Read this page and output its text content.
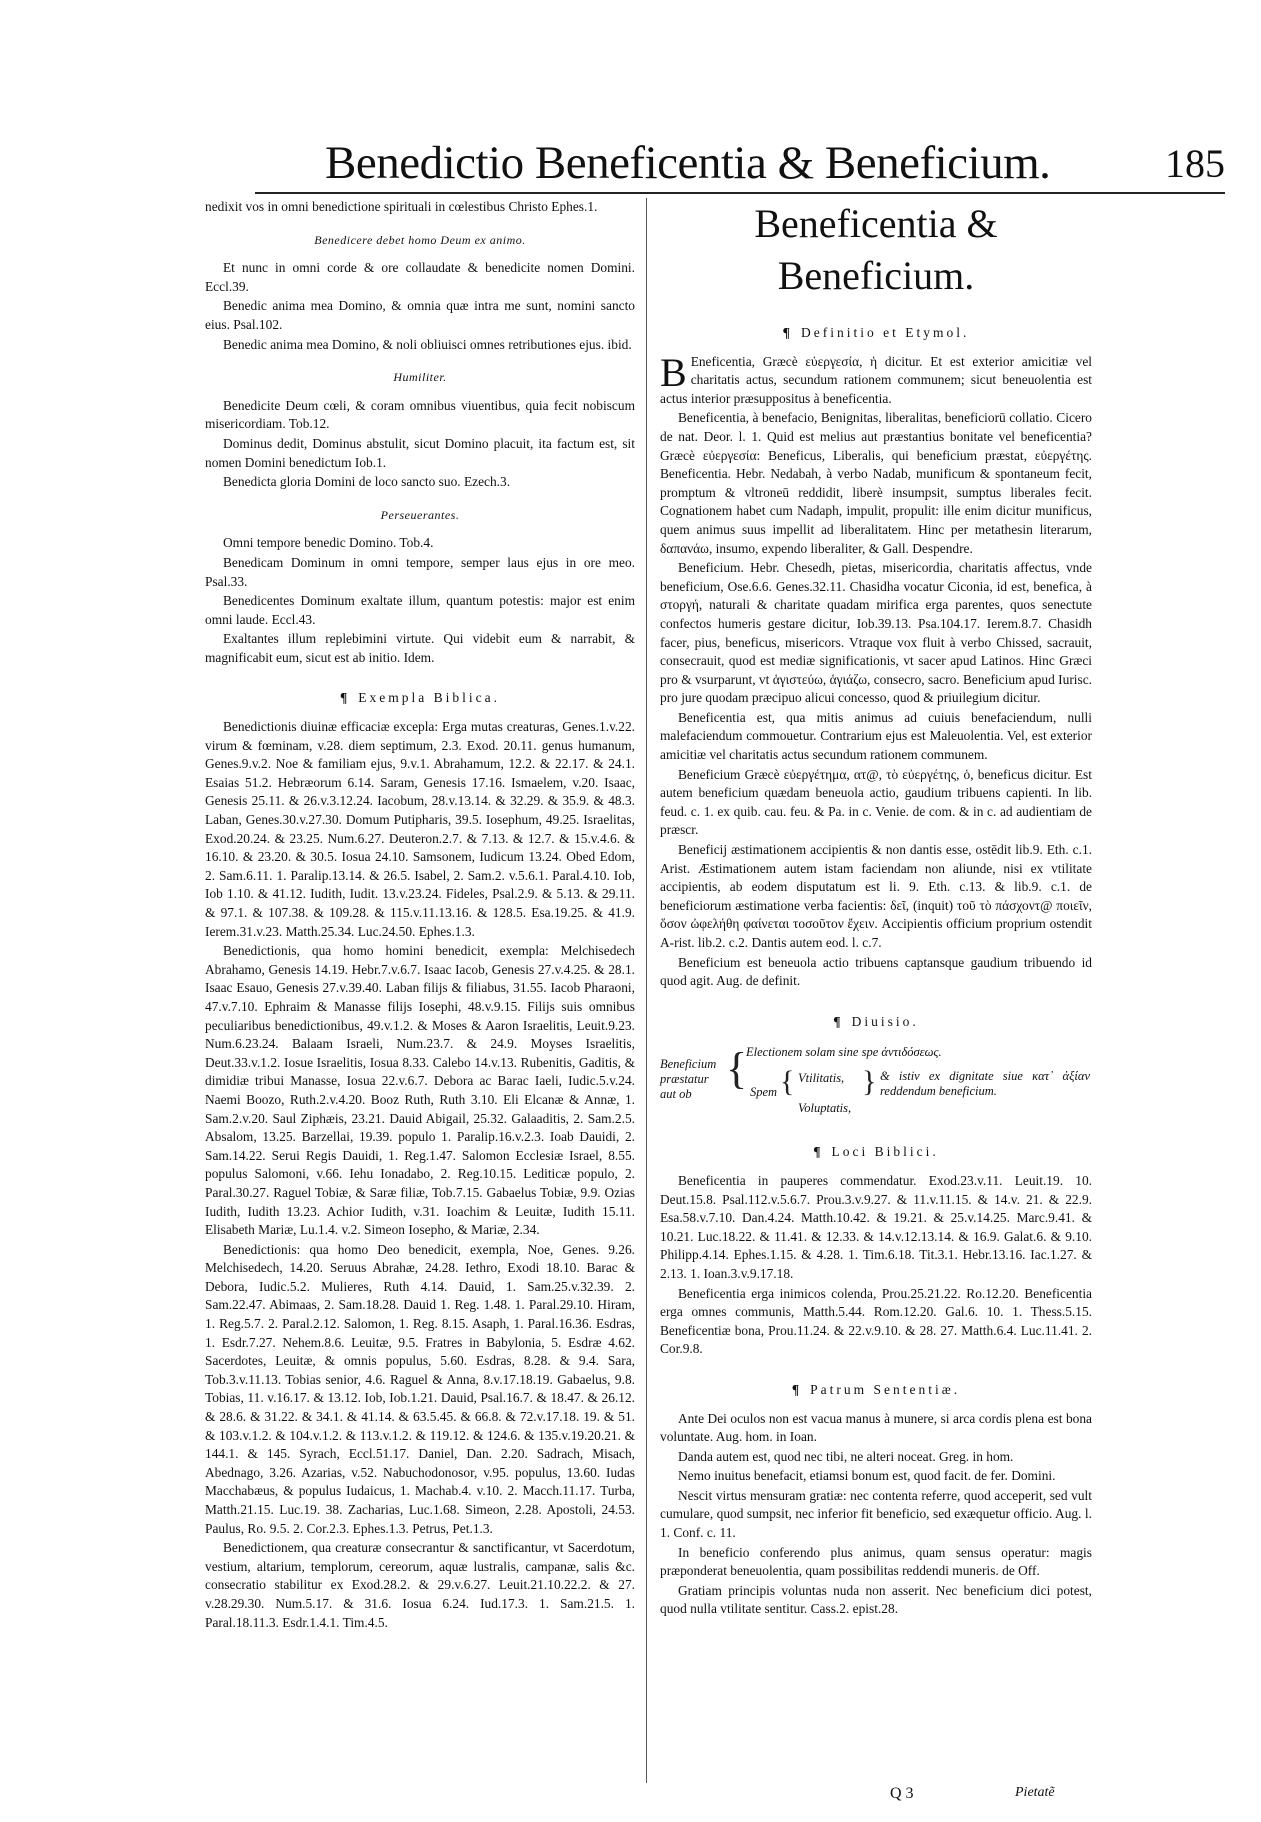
Benedictio Beneficentia & Beneficium.	185

nedixit vos in omni benedictione spirituali in cœlestibus Christo Ephes.1.

Benedicere debet homo Deum ex animo.

Et nunc in omni corde & ore collaudate & benedicite nomen Domini. Eccl.39.

Benedic anima mea Domino, & omnia quæ intra me sunt, nomini sancto eius. Psal.102.

Benedic anima mea Domino, & noli obliuisci omnes retributiones ejus. ibid.

Humiliter.

Benedicite Deum cœli, & coram omnibus viuentibus, quia fecit nobiscum misericordiam. Tob.12.

Dominus dedit, Dominus abstulit, sicut Domino placuit, ita factum est, sit nomen Domini benedictum Iob.1.

Benedicta gloria Domini de loco sancto suo. Ezech.3.

Perseuerantes.

Omni tempore benedic Domino. Tob.4.

Benedicam Dominum in omni tempore, semper laus ejus in ore meo. Psal.33.

Benedicentes Dominum exaltate illum, quantum potestis: major est enim omni laude. Eccl.43.

Exaltantes illum replebimini virtute. Qui videbit eum & narrabit, & magnificabit eum, sicut est ab initio. Idem.

¶ Exempla Biblica.

Benedictionis diuinæ efficaciæ excepla: Erga mutas creaturas, Genes.1.v.22. virum & fœminam, v.28. diem septimum, 2.3. Exod. 20.11. genus humanum, Genes.9.v.2. Noe & familiam ejus, 9.v.1. Abrahamum, 12.2. & 22.17. & 24.1. Esaias 51.2. Hebræorum 6.14. Saram, Genesis 17.16. Ismaelem, v.20. Isaac, Genesis 25.11. & 26.v.3.12.24. Iacobum, 28.v.13.14. & 32.29. & 35.9. & 48.3. Laban, Genes.30.v.27.30. Domum Putipharis, 39.5. Iosephum, 49.25. Israelitas, Exod.20.24. & 23.25. Num.6.27. Deuteron.2.7. & 7.13. & 12.7. & 15.v.4.6. & 16.10. & 23.20. & 30.5. Iosua 24.10. Samsonem, Iudicum 13.24. Obed Edom, 2. Sam.6.11. 1. Paralip.13.14. & 26.5. Isabel, 2. Sam.2. v.5.6.1. Paral.4.10. Iob, Iob 1.10. & 41.12. Iudith, Iudit. 13.v.23.24. Fideles, Psal.2.9. & 5.13. & 29.11. & 97.1. & 107.38. & 109.28. & 115.v.11.13.16. & 128.5. Esa.19.25. & 41.9. Ierem.31.v.23. Matth.25.34. Luc.24.50. Ephes.1.3.

Benedictionis, qua homo homini benedicit, exempla: Melchisedech Abrahamo, Genesis 14.19. Hebr.7.v.6.7. Isaac Iacob, Genesis 27.v.4.25. & 28.1. Isaac Esauo, Genesis 27.v.39.40. Laban filijs & filiabus, 31.55. Iacob Pharaoni, 47.v.7.10. Ephraim & Manasse filijs Iosephi, 48.v.9.15. Filijs suis omnibus peculiaribus benedictionibus, 49.v.1.2. & Moses & Aaron Israelitis, Leuit.9.23. Num.6.23.24. Balaam Israeli, Num.23.7. & 24.9. Moyses Israelitis, Deut.33.v.1.2. Iosue Israelitis, Iosua 8.33. Calebo 14.v.13. Rubenitis, Gaditis, & dimidiæ tribui Manasse, Iosua 22.v.6.7. Debora ac Barac Iaeli, Iudic.5.v.24. Naemi Boozo, Ruth.2.v.4.20. Booz Ruth, Ruth 3.10. Eli Elcanæ & Annæ, 1. Sam.2.v.20. Saul Ziphæis, 23.21. Dauid Abigail, 25.32. Galaaditis, 2. Sam.2.5. Absalom, 13.25. Barzellai, 19.39. populo 1. Paralip.16.v.2.3. Ioab Dauidi, 2. Sam.14.22. Serui Regis Dauidi, 1. Reg.1.47. Salomon Ecclesiæ Israel, 8.55. populus Salomoni, v.66. Iehu Ionadabo, 2. Reg.10.15. Lediticæ populo, 2. Paral.30.27. Raguel Tobiæ, & Saræ filiæ, Tob.7.15. Gabaelus Tobiæ, 9.9. Ozias Iudith, Iudith 13.23. Achior Iudith, v.31. Ioachim & Leuitæ, Iudith 15.11. Elisabeth Mariæ, Lu.1.4. v.2. Simeon Iosepho, & Mariæ, 2.34.

Benedictionis: qua homo Deo benedicit, exempla, Noe, Genes. 9.26. Melchisedech, 14.20. Seruus Abrahæ, 24.28. Iethro, Exodi 18.10. Barac & Debora, Iudic.5.2. Mulieres, Ruth 4.14. Dauid, 1. Sam.25.v.32.39. 2. Sam.22.47. Abimaas, 2. Sam.18.28. Dauid 1. Reg. 1.48. 1. Paral.29.10. Hiram, 1. Reg.5.7. 2. Paral.2.12. Salomon, 1. Reg. 8.15. Asaph, 1. Paral.16.36. Esdras, 1. Esdr.7.27. Nehem.8.6. Leuitæ, 9.5. Fratres in Babylonia, 5. Esdræ 4.62. Sacerdotes, Leuitæ, & omnis populus, 5.60. Esdras, 8.28. & 9.4. Sara, Tob.3.v.11.13. Tobias senior, 4.6. Raguel & Anna, 8.v.17.18.19. Gabaelus, 9.8. Tobias, 11. v.16.17. & 13.12. Iob, Iob.1.21. Dauid, Psal.16.7. & 18.47. & 26.12. & 28.6. & 31.22. & 34.1. & 41.14. & 63.5.45. & 66.8. & 72.v.17.18. 19. & 51. & 103.v.1.2. & 104.v.1.2. & 113.v.1.2. & 119.12. & 124.6. & 135.v.19.20.21. & 144.1. & 145. Syrach, Eccl.51.17. Daniel, Dan. 2.20. Sadrach, Misach, Abednago, 3.26. Azarias, v.52. Nabuchodonosor, v.95. populus, 13.60. Iudas Macchabæus, & populus Iudaicus, 1. Machab.4. v.10. 2. Macch.11.17. Turba, Matth.21.15. Luc.19. 38. Zacharias, Luc.1.68. Simeon, 2.28. Apostoli, 24.53. Paulus, Ro. 9.5. 2. Cor.2.3. Ephes.1.3. Petrus, Pet.1.3.

Benedictionem, qua creaturæ consecrantur & sanctificantur, vt Sacerdotum, vestium, altarium, templorum, cereorum, aquæ lustralis, campanæ, salis &c. consecratio stabilitur ex Exod.28.2. & 29.v.6.27. Leuit.21.10.22.2. & 27. v.28.29.30. Num.5.17. & 31.6. Iosua 6.24. Iud.17.3. 1. Sam.21.5. 1. Paral.18.11.3. Esdr.1.4.1. Tim.4.5.

Beneficentia & Beneficium.
¶ Definitio et Etymol.

B Eneficentia, Græcè εὐεργεσία, ἡ dicitur. Et est exterior amicitiæ vel charitatis actus, secundum rationem communem; sicut beneuolentia est actus interior præsuppositus à beneficentia.

Beneficentia, à benefacio, Benignitas, liberalitas, beneficiorū collatio. Cicero de nat. Deor. l. 1. Quid est melius aut præstantius bonitate vel beneficentia? Græcè εὐεργεσία: Beneficus, Liberalis, qui beneficium præstat, εὐεργέτης. Beneficentia. Hebr. Nedabah, à verbo Nadab, munificum & spontaneum fecit, promptum & vltroneū reddidit, liberè insumpsit, sumptus liberales fecit. Cognationem habet cum Nadaph, impulit, propulit: ille enim dicitur munificus, quem animus suus impellit ad liberalitatem. Hinc per metathesin literarum, δαπανάω, insumo, expendo liberaliter, & Gall. Despendre.

Beneficium. Hebr. Chesedh, pietas, misericordia, charitatis affectus, vnde beneficium, Ose.6.6. Genes.32.11. Chasidha vocatur Ciconia, id est, benefica, à στοργή, naturali & charitate quadam mirifica erga parentes, quos senectute confectos humeris gestare dicitur, Iob.39.13. Psa.104.17. Ierem.8.7. Chasidh facer, pius, beneficus, misericors. Vtraque vox fluit à verbo Chissed, sacrauit, consecrauit, quod est mediæ significationis, vt sacer apud Latinos. Hinc Græci pro & vsurparunt, vt ἁγιστεύω, ἁγιάζω, consecro, sacro. Beneficium apud Iurisc. pro jure quodam præcipuo alicui concesso, quod & priuilegium dicitur.

Beneficentia est, qua mitis animus ad cuiuis benefaciendum, nulli malefaciendum commouetur. Contrarium ejus est Maleuolentia. Vel, est exterior amicitiæ vel charitatis actus secundum rationem communem.

Beneficium Græcè εὐεργέτημα, ατ@, τὸ εὐεργέτης, ὁ, beneficus dicitur. Est autem beneficium quædam beneuola actio, gaudium tribuens capienti. In lib. feud. c. 1. ex quib. cau. feu. & Pa. in c. Venie. de com. & in c. ad audientiam de præscr.

Beneficij æstimationem accipientis & non dantis esse, ostēdit lib.9. Eth. c.1. Arist. Æstimationem autem istam faciendam non aliunde, nisi ex vtilitate accipientis, ab eodem disputatum est li. 9. Eth. c.13. & lib.9. c.1. de beneficiorum æstimatione verba facientis: δεῖ, (inquit) τοῦ τὸ πάσχοντ@ ποιεῖν, ὅσον ὠφελήθη φαίνεται τοσοῦτον ἔχειν. Accipientis officium proprium ostendit A-rist. lib.2. c.2. Dantis autem eod. l. c.7.

Beneficium est beneuola actio tribuens captansque gaudium tribuendo id quod agit. Aug. de definit.

¶ Diuisio.
Beneficium præstatur aut ob
{
Electionem solam sine spe ἀντιδόσεως.
Spem { Vtilitatis,
Voluptatis,
} & istiv ex dignitate siue κατ᾽ ἀξίαν reddendum beneficium.
¶ Loci Biblici.

Beneficentia in pauperes commendatur. Exod.23.v.11. Leuit.19. 10. Deut.15.8. Psal.112.v.5.6.7. Prou.3.v.9.27. & 11.v.11.15. & 14.v. 21. & 22.9. Esa.58.v.7.10. Dan.4.24. Matth.10.42. & 19.21. & 25.v.14.25. Marc.9.41. & 10.21. Luc.18.22. & 11.41. & 12.33. & 14.v.12.13.14. & 16.9. Galat.6. & 9.10. Philipp.4.14. Ephes.1.15. & 4.28. 1. Tim.6.18. Tit.3.1. Hebr.13.16. Iac.1.27. & 2.13. 1. Ioan.3.v.9.17.18.

Beneficentia erga inimicos colenda, Prou.25.21.22. Ro.12.20. Beneficentia erga omnes communis, Matth.5.44. Rom.12.20. Gal.6. 10. 1. Thess.5.15. Beneficentiæ bona, Prou.11.24. & 22.v.9.10. & 28. 27. Matth.6.4. Luc.11.41. 2. Cor.9.8.

¶ Patrum Sententiæ.

Ante Dei oculos non est vacua manus à munere, si arca cordis plena est bona voluntate. Aug. hom. in Ioan.

Danda autem est, quod nec tibi, ne alteri noceat. Greg. in hom.

Nemo inuitus benefacit, etiamsi bonum est, quod facit. de fer. Domini.

Nescit virtus mensuram gratiæ: nec contenta referre, quod acceperit, sed vult cumulare, quod sumpsit, nec inferior fit beneficio, sed exæquetur officio. Aug. l. 1. Conf. c. 11.

In beneficio conferendo plus animus, quam sensus operatur: magis præponderat beneuolentia, quam possibilitas reddendi muneris. de Off.

Gratiam principis voluntas nuda non asserit. Nec beneficium dici potest, quod nulla vtilitate sentitur. Cass.2. epist.28.

Q 3	Pietatẽ
